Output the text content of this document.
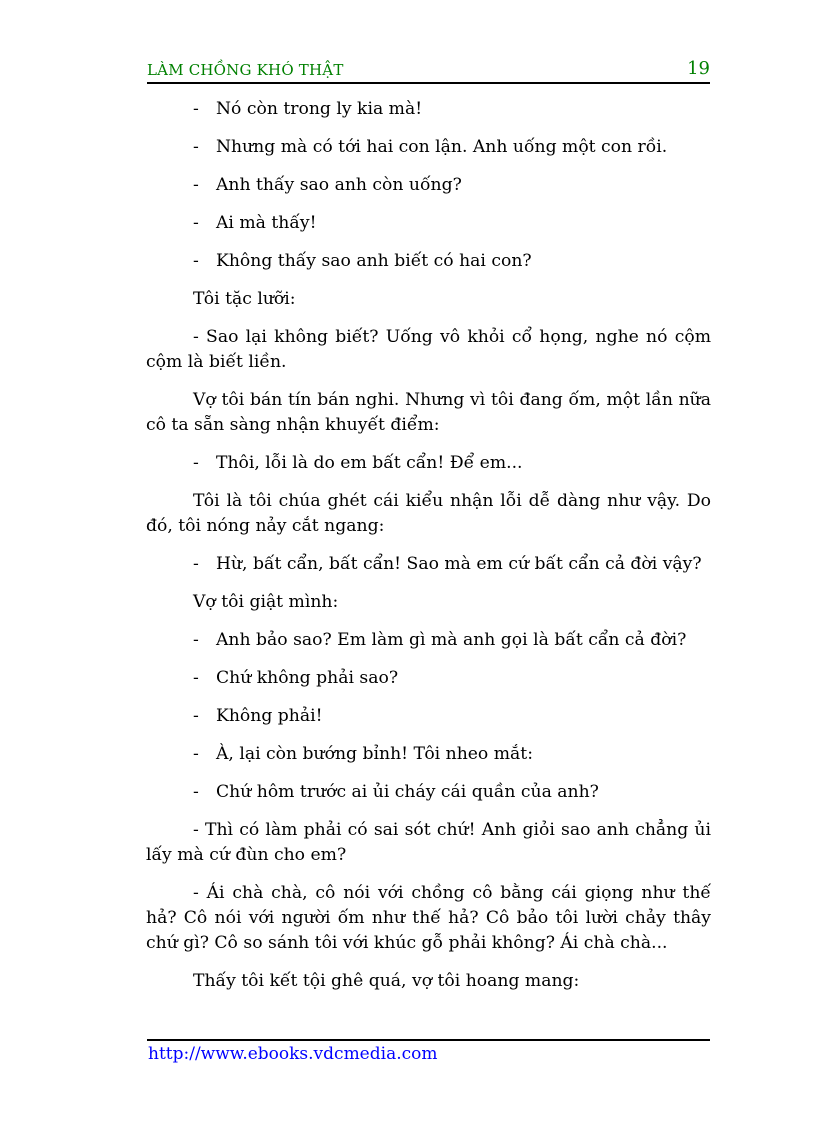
LÀM CHỒNG KHÓ THẬT	19
- Nó còn trong ly kia mà!
- Nhưng mà có tới hai con lận. Anh uống một con rồi.
- Anh thấy sao anh còn uống?
- Ai mà thấy!
- Không thấy sao anh biết có hai con?

Tôi tặc lưỡi:

- Sao lại không biết? Uống vô khỏi cổ họng, nghe nó cộm cộm là biết liền.

Vợ tôi bán tín bán nghi. Nhưng vì tôi đang ốm, một lần nữa cô ta sẵn sàng nhận khuyết điểm:

- Thôi, lỗi là do em bất cẩn! Để em...

Tôi là tôi chúa ghét cái kiểu nhận lỗi dễ dàng như vậy. Do đó, tôi nóng nảy cắt ngang:

- Hừ, bất cẩn, bất cẩn! Sao mà em cứ bất cẩn cả đời vậy?

Vợ tôi giật mình:

- Anh bảo sao? Em làm gì mà anh gọi là bất cẩn cả đời?
- Chứ không phải sao?
- Không phải!
- À, lại còn bướng bỉnh! Tôi nheo mắt:
- Chứ hôm trước ai ủi cháy cái quần của anh?

- Thì có làm phải có sai sót chứ! Anh giỏi sao anh chẳng ủi lấy mà cứ đùn cho em?

- Ái chà chà, cô nói với chồng cô bằng cái giọng như thế hả? Cô nói với người ốm như thế hả? Cô bảo tôi lười chảy thây chứ gì? Cô so sánh tôi với khúc gỗ phải không? Ái chà chà...

Thấy tôi kết tội ghê quá, vợ tôi hoang mang:

http://www.ebooks.vdcmedia.com
